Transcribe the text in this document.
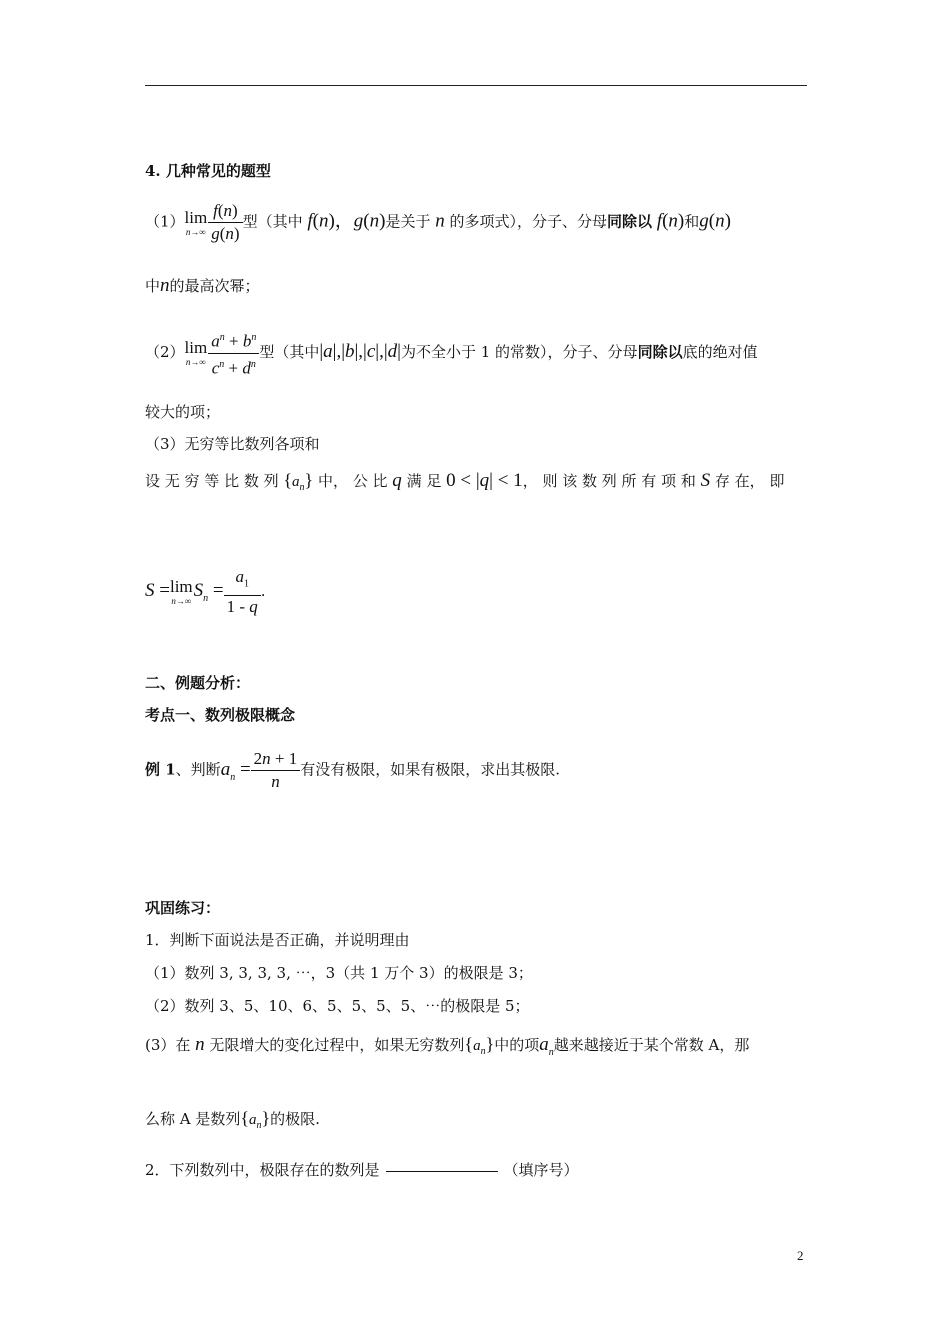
4. 几种常见的题型
（1） lim
$n\to\infty \frac{f(n)}{g(n)}$ 型（其中 f(n)，g(n)是关于 n 的多项式），分子、分母同除以 f(n)和g(n)
中n的最高次幂；
（2） lim
$n\to\infty \frac{a^n + b^n}{c^n + d^n}$ 型（其中|a|,|b|,|c|,|d|为不全小于 1 的常数），分子、分母同除以底的绝对值
较大的项；
（3）无穷等比数列各项和
设 无 穷 等 比 数 列 $\{a_n\}$ 中， 公 比 q 满 足 0 < |q| < 1， 则 该 数 列 所 有 项 和 S 存 在， 即
S = lim
n→∞ $S_n = \frac{a_1}{1 - q}$ .
二、例题分析：
考点一、数列极限概念
例 1、判断$a_n = \frac{2n + 1}{n}$ 有没有极限，如果有极限，求出其极限.
巩固练习：
1．判断下面说法是否正确，并说明理由
（1）数列 3, 3, 3, 3, ⋯，3（共 1 万个 3）的极限是 3；
（2）数列 3、5、10、6、5、5、5、5、⋯的极限是 5；
(3）在 n 无限增大的变化过程中，如果无穷数列$\{a_n\}$中的项$a_n$越来越接近于某个常数 A，那
么称 A 是数列$\{a_n\}$的极限.
2．下列数列中，极限存在的数列是	（填序号）
2
